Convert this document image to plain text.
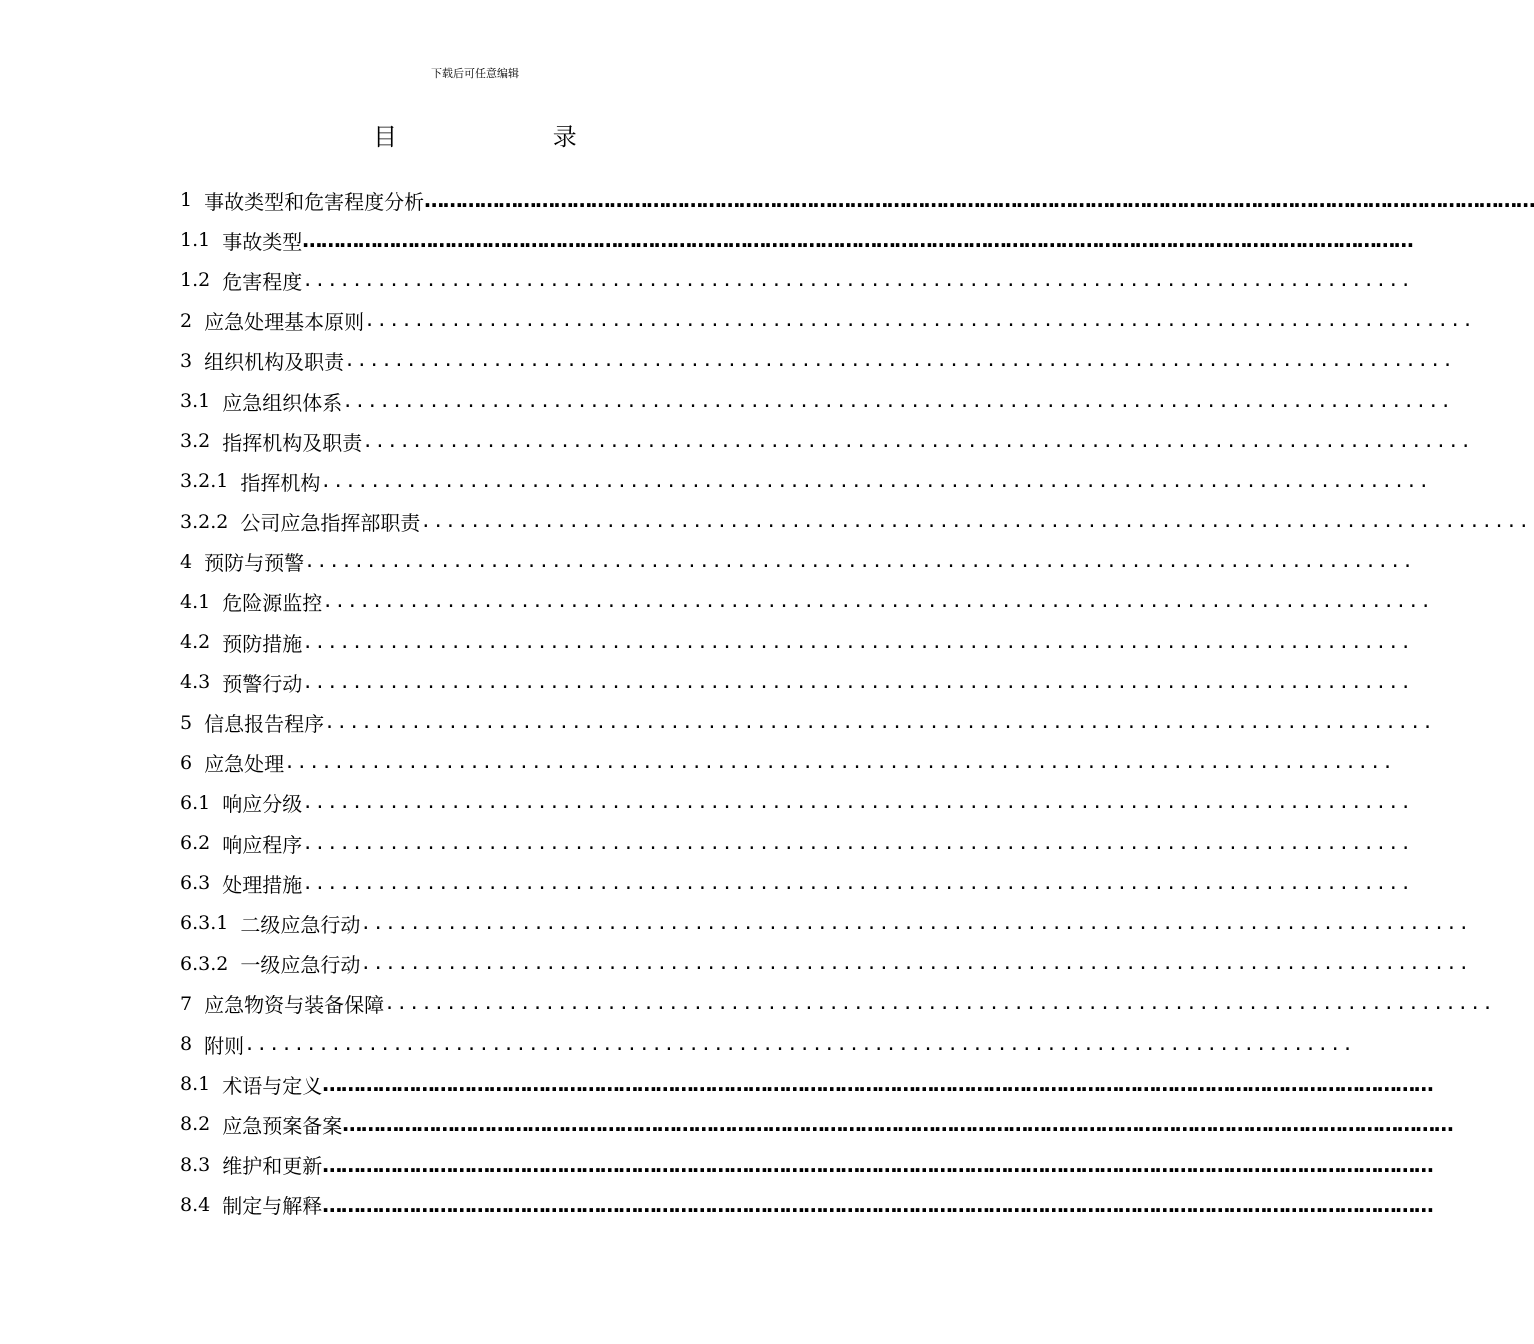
下载后可任意编辑
目 录
1 事故类型和危害程度分析 ………………………………………………………………………………………………………………………………………………………………
1.1 事故类型 ………………………………………………………………………………………………………………………………………………………………
1.2 危害程度 ..........................................................................................
2 应急处理基本原则 ..........................................................................................
3 组织机构及职责 ..........................................................................................
3.1 应急组织体系 ..........................................................................................
3.2 指挥机构及职责 ..........................................................................................
3.2.1 指挥机构 ..........................................................................................
3.2.2 公司应急指挥部职责 ..........................................................................................
4 预防与预警 ..........................................................................................
4.1 危险源监控 ..........................................................................................
4.2 预防措施 ..........................................................................................
4.3 预警行动 ..........................................................................................
5 信息报告程序 ..........................................................................................
6 应急处理 ..........................................................................................
6.1 响应分级 ..........................................................................................
6.2 响应程序 ..........................................................................................
6.3 处理措施 ..........................................................................................
6.3.1 二级应急行动 ..........................................................................................
6.3.2 一级应急行动 ..........................................................................................
7 应急物资与装备保障 ..........................................................................................
8 附则 ..........................................................................................
8.1 术语与定义 ………………………………………………………………………………………………………………………………………………………………
8.2 应急预案备案 ………………………………………………………………………………………………………………………………………………………………
8.3 维护和更新 ………………………………………………………………………………………………………………………………………………………………
8.4 制定与解释 ………………………………………………………………………………………………………………………………………………………………
